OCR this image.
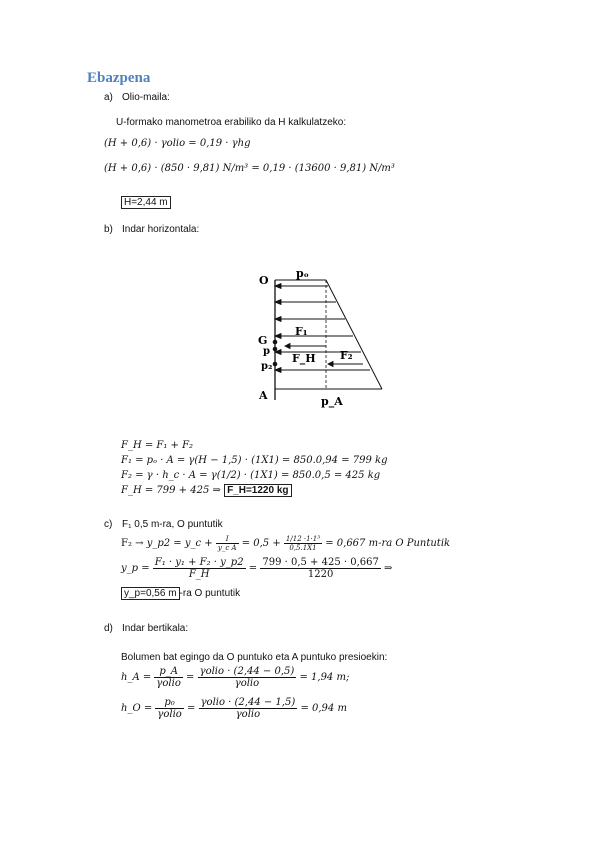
Ebazpena
a) Olio-maila:
U-formako manometroa erabiliko da H kalkulatzeko:
(H + 0,6) · γolio = 0,19 · γhg
(H + 0,6) · (850 · 9,81) N/m³ = 0,19 · (13600 · 9,81) N/m³
H=2,44 m
b) Indar horizontala:
O
pₒ
F₁
G
p
F_H F₂
p₂
A	p_A
F_H = F₁ + F₂
F₁ = pₒ · A = γ(H − 1,5) · (1X1) = 850.0,94 = 799 kg
F₂ = γ · h_c · A = γ(1/2) · (1X1) = 850.0,5 = 425 kg
F_H = 799 + 425 ⇒ F_H=1220 kg
c) F₁ 0,5 m-ra, O puntutik
F₂ → y_p2 = y_c + $\frac{I}{\text{y\_c A}} = 0,5 + \frac{\text{1/12 ·1·1³}}{0,5.1X1} = 0,667$ m-ra O Puntutik
y_p = $\frac{\text{F₁ · y₁ + F₂ · y\_p2}}{F\_H} = \frac{799 \cdot 0,5 + 425 \cdot 0,667}{1220}$ ⇒
y_p=0,56 m -ra O puntutik
d) Indar bertikala:
Bolumen bat egingo da O puntuko eta A puntuko presioekin:
h_A = $\frac{p\_A}{\text{γolio}} = \frac{\text{γolio · (2,44 − 0,5)}}{\text{γolio}} = 1,94$ m;
h_O = $\frac{\text{p₀}}{\text{γolio}} = \frac{\text{γolio · (2,44 − 1,5)}}{\text{γolio}} = 0,94$ m
